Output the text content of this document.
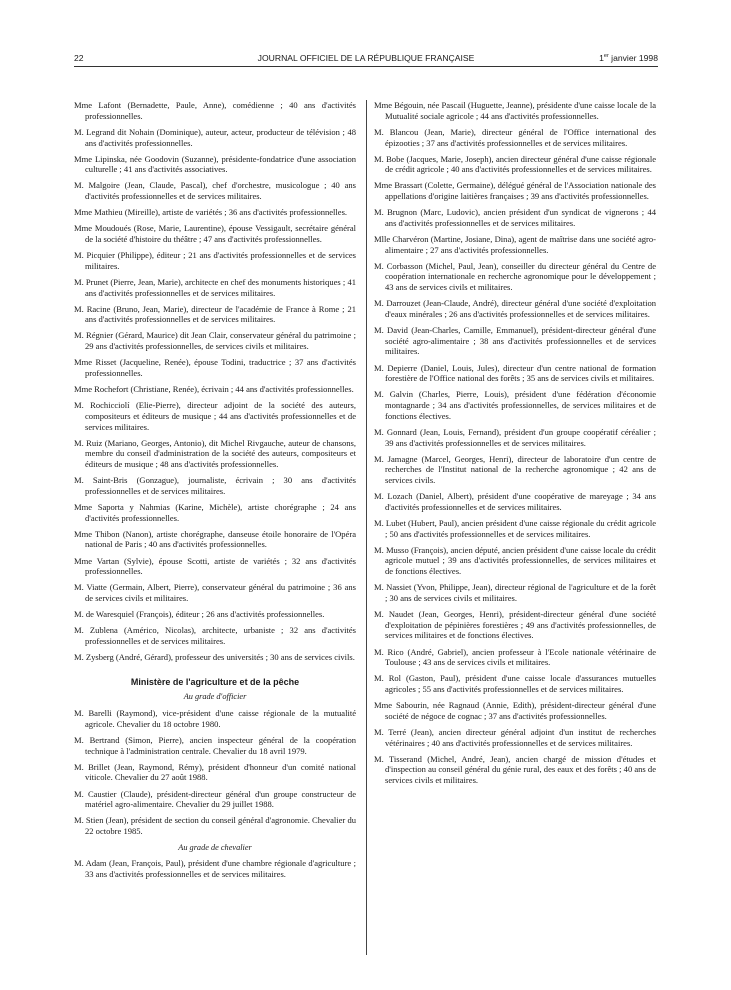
22	JOURNAL OFFICIEL DE LA RÉPUBLIQUE FRANÇAISE	1er janvier 1998

Mme Lafont (Bernadette, Paule, Anne), comédienne ; 40 ans d'activités professionnelles.

M. Legrand dit Nohain (Dominique), auteur, acteur, producteur de télévision ; 48 ans d'activités professionnelles.

Mme Lipinska, née Goodovin (Suzanne), présidente-fondatrice d'une association culturelle ; 41 ans d'activités associatives.

M. Malgoire (Jean, Claude, Pascal), chef d'orchestre, musicologue ; 40 ans d'activités professionnelles et de services militaires.

Mme Mathieu (Mireille), artiste de variétés ; 36 ans d'activités professionnelles.

Mme Moudoués (Rose, Marie, Laurentine), épouse Vessigault, secrétaire général de la société d'histoire du théâtre ; 47 ans d'activités professionnelles.

M. Picquier (Philippe), éditeur ; 21 ans d'activités professionnelles et de services militaires.

M. Prunet (Pierre, Jean, Marie), architecte en chef des monuments historiques ; 41 ans d'activités professionnelles et de services militaires.

M. Racine (Bruno, Jean, Marie), directeur de l'académie de France à Rome ; 21 ans d'activités professionnelles et de services militaires.

M. Régnier (Gérard, Maurice) dit Jean Clair, conservateur général du patrimoine ; 29 ans d'activités professionnelles, de services civils et militaires.

Mme Risset (Jacqueline, Renée), épouse Todini, traductrice ; 37 ans d'activités professionnelles.

Mme Rochefort (Christiane, Renée), écrivain ; 44 ans d'activités professionnelles.

M. Rochicciolí (Elie-Pierre), directeur adjoint de la société des auteurs, compositeurs et éditeurs de musique ; 44 ans d'activités professionnelles et de services militaires.

M. Ruiz (Mariano, Georges, Antonio), dit Michel Rivgauche, auteur de chansons, membre du conseil d'administration de la société des auteurs, compositeurs et éditeurs de musique ; 48 ans d'activités professionnelles.

M. Saint-Bris (Gonzague), journaliste, écrivain ; 30 ans d'activités professionnelles et de services militaires.

Mme Saporta y Nahmias (Karine, Michèle), artiste chorégraphe ; 24 ans d'activités professionnelles.

Mme Thibon (Nanon), artiste chorégraphe, danseuse étoile honoraire de l'Opéra national de Paris ; 40 ans d'activités professionnelles.

Mme Vartan (Sylvie), épouse Scotti, artiste de variétés ; 32 ans d'activités professionnelles.

M. Viatte (Germain, Albert, Pierre), conservateur général du patrimoine ; 36 ans de services civils et militaires.

M. de Waresquiel (François), éditeur ; 26 ans d'activités professionnelles.

M. Zublena (Américo, Nicolas), architecte, urbaniste ; 32 ans d'activités professionnelles et de services militaires.

M. Zysberg (André, Gérard), professeur des universités ; 30 ans de services civils.

Ministère de l'agriculture et de la pêche
Au grade d'officier

M. Barelli (Raymond), vice-président d'une caisse régionale de la mutualité agricole. Chevalier du 18 octobre 1980.

M. Bertrand (Simon, Pierre), ancien inspecteur général de la coopération technique à l'administration centrale. Chevalier du 18 avril 1979.

M. Brillet (Jean, Raymond, Rémy), président d'honneur d'un comité national viticole. Chevalier du 27 août 1988.

M. Caustier (Claude), président-directeur général d'un groupe constructeur de matériel agro-alimentaire. Chevalier du 29 juillet 1988.

M. Stien (Jean), président de section du conseil général d'agronomie. Chevalier du 22 octobre 1985.

Au grade de chevalier

M. Adam (Jean, François, Paul), président d'une chambre régionale d'agriculture ; 33 ans d'activités professionnelles et de services militaires.

Mme Bégouin, née Pascail (Huguette, Jeanne), présidente d'une caisse locale de la Mutualité sociale agricole ; 44 ans d'activités professionnelles.

M. Blancou (Jean, Marie), directeur général de l'Office international des épizooties ; 37 ans d'activités professionnelles et de services militaires.

M. Bobe (Jacques, Marie, Joseph), ancien directeur général d'une caisse régionale de crédit agricole ; 40 ans d'activités professionnelles et de services militaires.

Mme Brassart (Colette, Germaine), délégué général de l'Association nationale des appellations d'origine laitières françaises ; 39 ans d'activités professionnelles.

M. Brugnon (Marc, Ludovic), ancien président d'un syndicat de vignerons ; 44 ans d'activités professionnelles et de services militaires.

Mlle Charvéron (Martine, Josiane, Dina), agent de maîtrise dans une société agro-alimentaire ; 27 ans d'activités professionnelles.

M. Corbasson (Michel, Paul, Jean), conseiller du directeur général du Centre de coopération internationale en recherche agronomique pour le développement ; 43 ans de services civils et militaires.

M. Darrouzet (Jean-Claude, André), directeur général d'une société d'exploitation d'eaux minérales ; 26 ans d'activités professionnelles et de services militaires.

M. David (Jean-Charles, Camille, Emmanuel), président-directeur général d'une société agro-alimentaire ; 38 ans d'activités professionnelles et de services militaires.

M. Depierre (Daniel, Louis, Jules), directeur d'un centre national de formation forestière de l'Office national des forêts ; 35 ans de services civils et militaires.

M. Galvin (Charles, Pierre, Louis), président d'une fédération d'économie montagnarde ; 34 ans d'activités professionnelles, de services militaires et de fonctions électives.

M. Gonnard (Jean, Louis, Fernand), président d'un groupe coopératif céréalier ; 39 ans d'activités professionnelles et de services militaires.

M. Jamagne (Marcel, Georges, Henri), directeur de laboratoire d'un centre de recherches de l'Institut national de la recherche agronomique ; 42 ans de services civils.

M. Lozach (Daniel, Albert), président d'une coopérative de mareyage ; 34 ans d'activités professionnelles et de services militaires.

M. Lubet (Hubert, Paul), ancien président d'une caisse régionale du crédit agricole ; 50 ans d'activités professionnelles et de services militaires.

M. Musso (François), ancien député, ancien président d'une caisse locale du crédit agricole mutuel ; 39 ans d'activités professionnelles, de services militaires et de fonctions électives.

M. Nassiet (Yvon, Philippe, Jean), directeur régional de l'agriculture et de la forêt ; 30 ans de services civils et militaires.

M. Naudet (Jean, Georges, Henri), président-directeur général d'une société d'exploitation de pépinières forestières ; 49 ans d'activités professionnelles, de services militaires et de fonctions électives.

M. Rico (André, Gabriel), ancien professeur à l'Ecole nationale vétérinaire de Toulouse ; 43 ans de services civils et militaires.

M. Rol (Gaston, Paul), président d'une caisse locale d'assurances mutuelles agricoles ; 55 ans d'activités professionnelles et de services militaires.

Mme Sabourin, née Ragnaud (Annie, Edith), président-directeur général d'une société de négoce de cognac ; 37 ans d'activités professionnelles.

M. Terré (Jean), ancien directeur général adjoint d'un institut de recherches vétérinaires ; 40 ans d'activités professionnelles et de services militaires.

M. Tisserand (Michel, André, Jean), ancien chargé de mission d'études et d'inspection au conseil général du génie rural, des eaux et des forêts ; 40 ans de services civils et militaires.
